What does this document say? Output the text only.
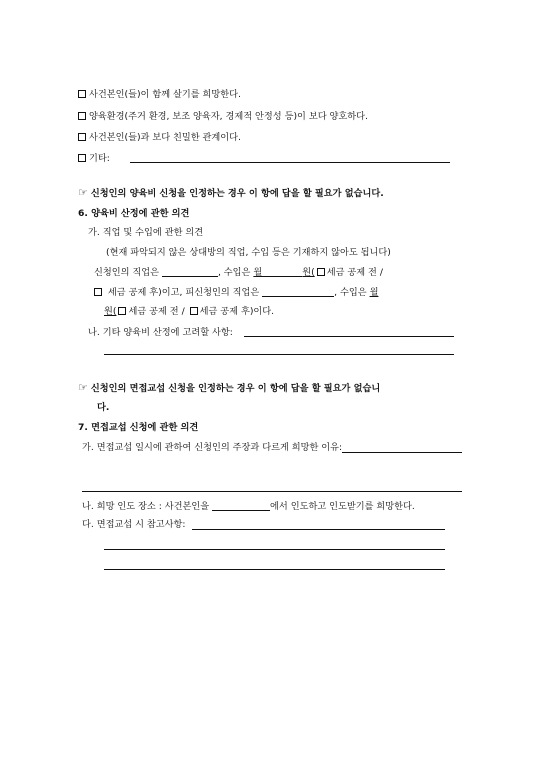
사건본인(들)이 함께 살기를 희망한다.
양육환경(주거 환경, 보조 양육자, 경제적 안정성 등)이 보다 양호하다.
사건본인(들)과 보다 친밀한 관계이다.
기타:
☞ 신청인의 양육비 신청을 인정하는 경우 이 항에 답을 할 필요가 없습니다.
6. 양육비 산정에 관한 의견
가. 직업 및 수입에 관한 의견
(현재 파악되지 않은 상대방의 직업, 수입 등은 기재하지 않아도 됩니다)
신청인의 직업은	, 수입은 월	원( 세금 공제 전 /
세금 공제 후)이고, 피신청인의 직업은	, 수입은 월
원( 세금 공제 전 / 세금 공제 후)이다.
나. 기타 양육비 산정에 고려할 사항:
☞ 신청인의 면접교섭 신청을 인정하는 경우 이 항에 답을 할 필요가 없습니
다.
7. 면접교섭 신청에 관한 의견
가. 면접교섭 일시에 관하여 신청인의 주장과 다르게 희망한 이유:
나. 희망 인도 장소 : 사건본인을	에서 인도하고 인도받기를 희망한다.
다. 면접교섭 시 참고사항:
